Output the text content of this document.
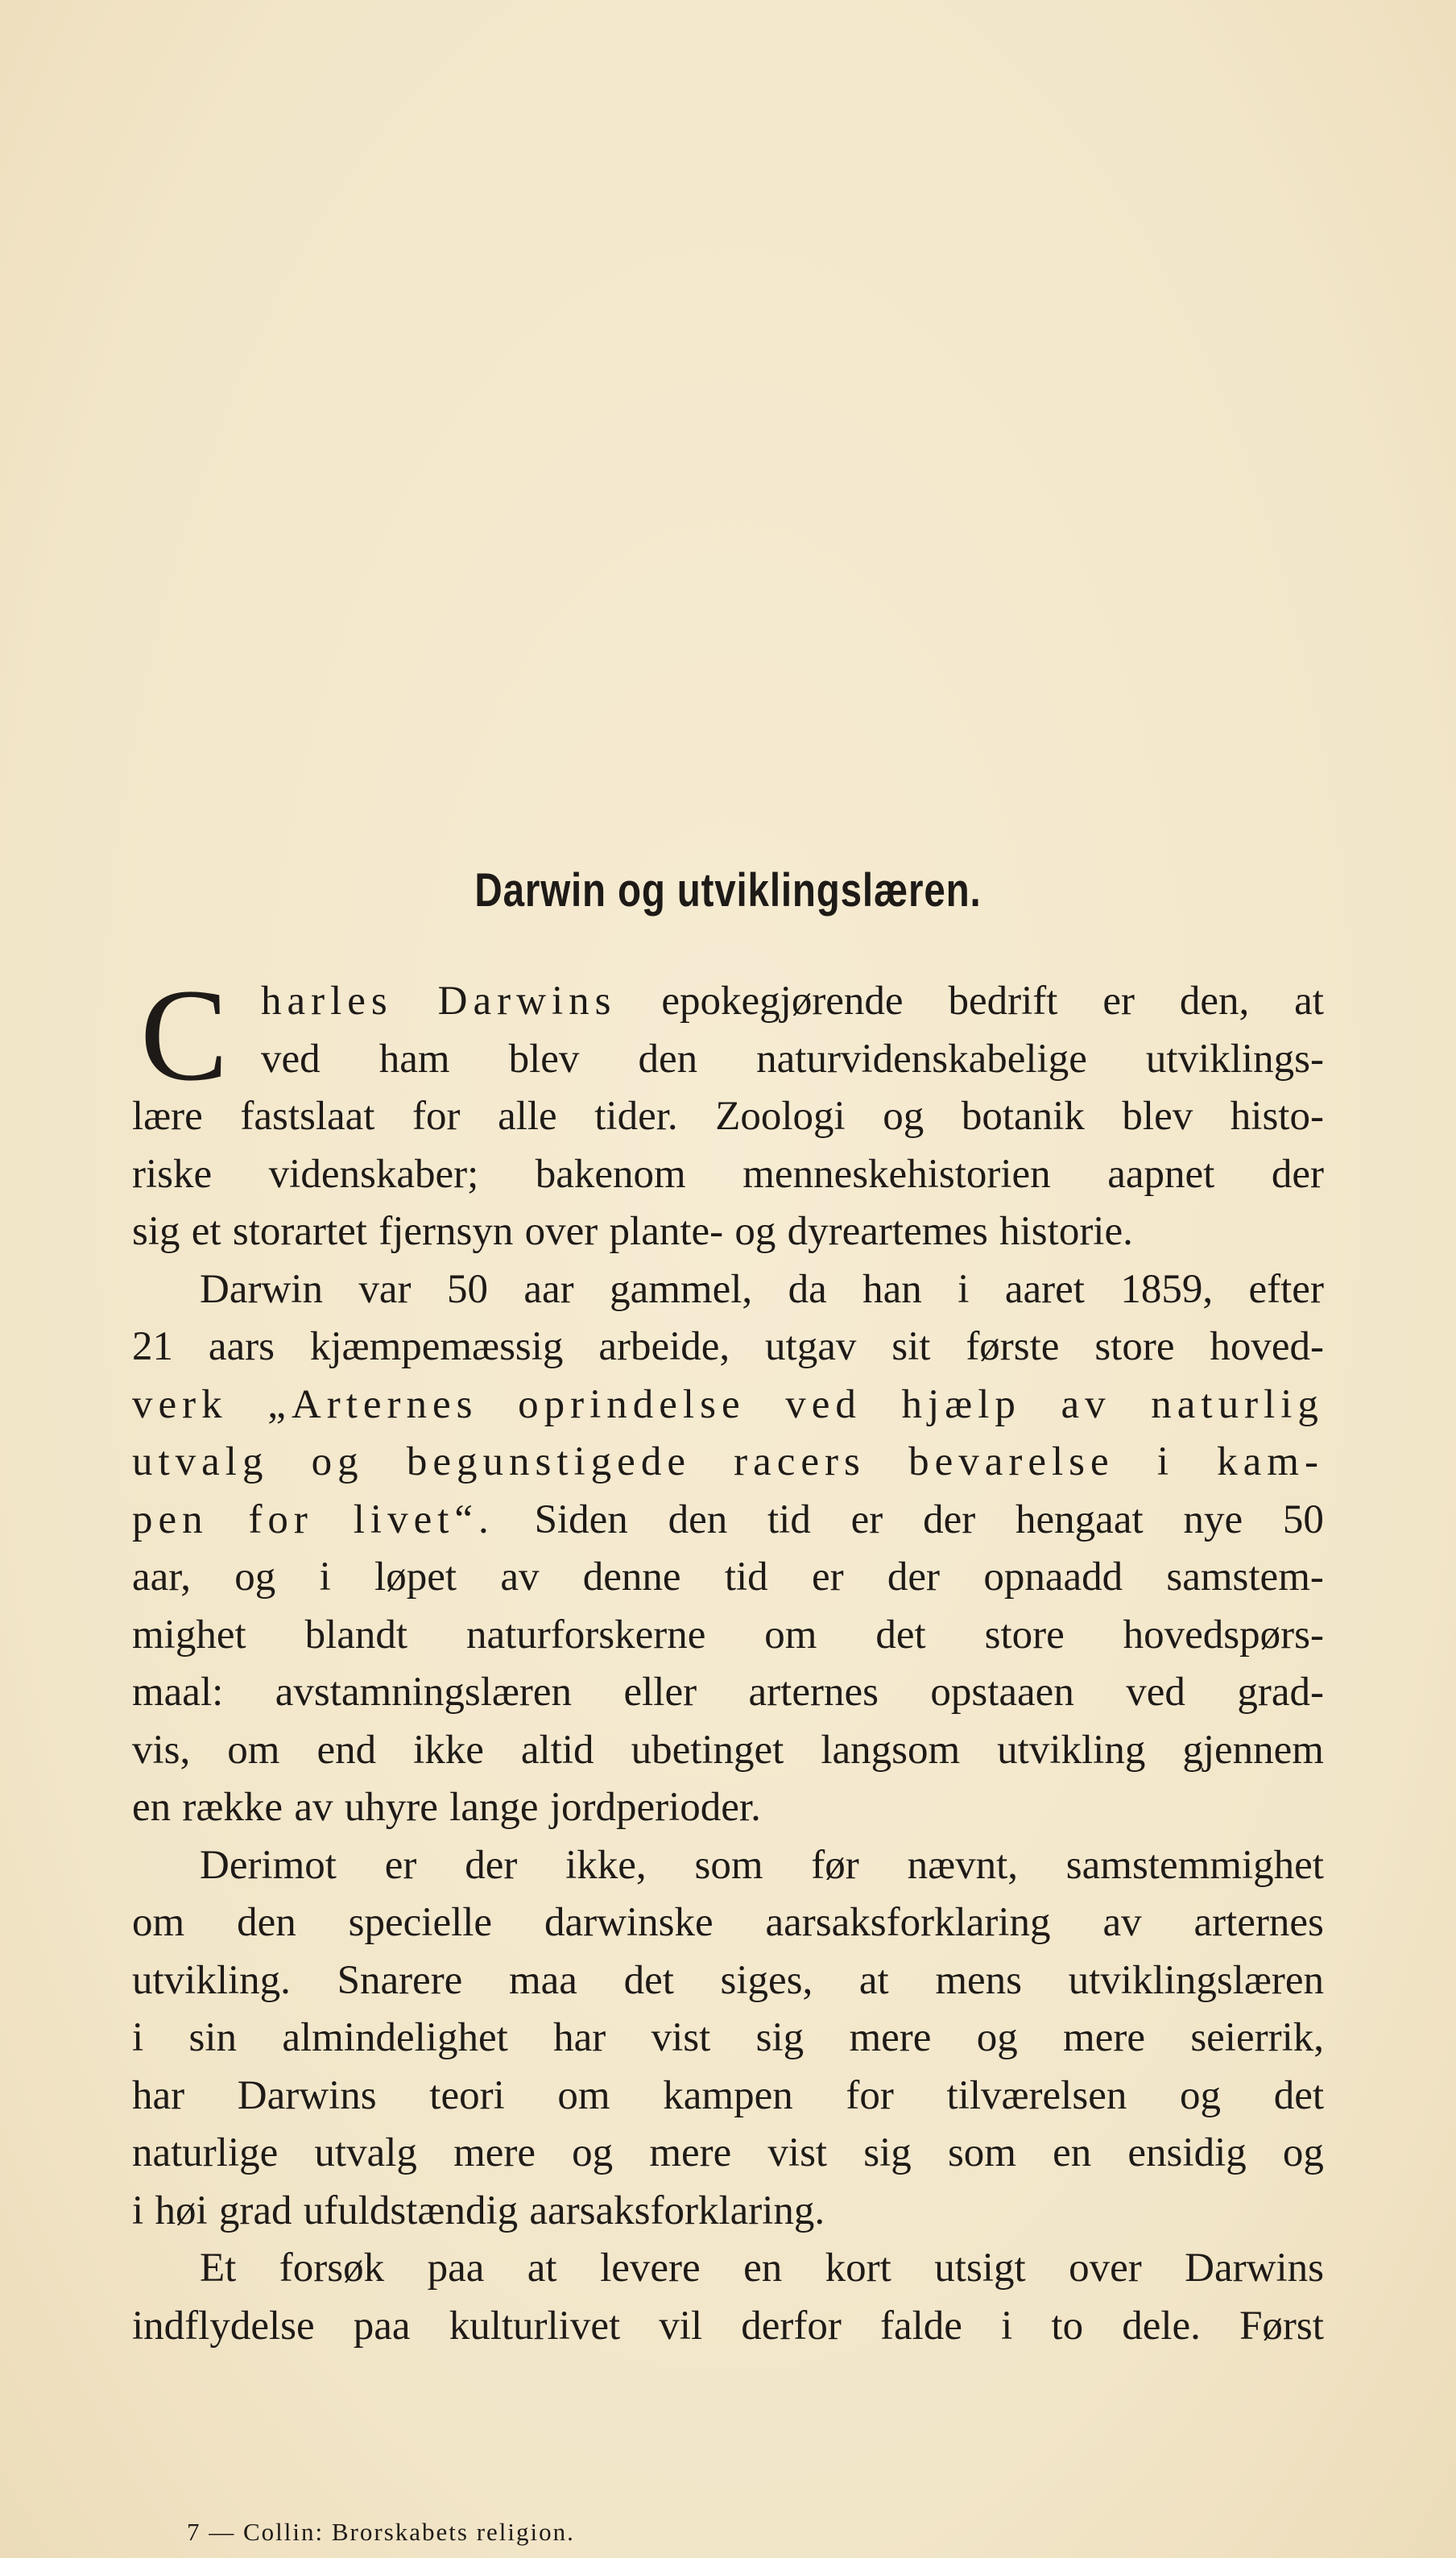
Darwin og utviklingslæren.
C harles Darwins epokegjørende bedrift er den, at
ved ham blev den naturvidenskabelige utviklings-
lære fastslaat for alle tider. Zoologi og botanik blev histo-
riske videnskaber; bakenom menneskehistorien aapnet der
sig et storartet fjernsyn over plante- og dyreartemes historie.
Darwin var 50 aar gammel, da han i aaret 1859, efter
21 aars kjæmpemæssig arbeide, utgav sit første store hoved-
verk „Arternes oprindelse ved hjælp av naturlig
utvalg og begunstigede racers bevarelse i kam-
pen for livet“. Siden den tid er der hengaat nye 50
aar, og i løpet av denne tid er der opnaadd samstem-
mighet blandt naturforskerne om det store hovedspørs-
maal: avstamningslæren eller arternes opstaaen ved grad-
vis, om end ikke altid ubetinget langsom utvikling gjennem
en række av uhyre lange jordperioder.
Derimot er der ikke, som før nævnt, samstemmighet
om den specielle darwinske aarsaksforklaring av arternes
utvikling. Snarere maa det siges, at mens utviklingslæren
i sin almindelighet har vist sig mere og mere seierrik,
har Darwins teori om kampen for tilværelsen og det
naturlige utvalg mere og mere vist sig som en ensidig og
i høi grad ufuldstændig aarsaksforklaring.
Et forsøk paa at levere en kort utsigt over Darwins
indflydelse paa kulturlivet vil derfor falde i to dele. Først
7 — Collin: Brorskabets religion.
